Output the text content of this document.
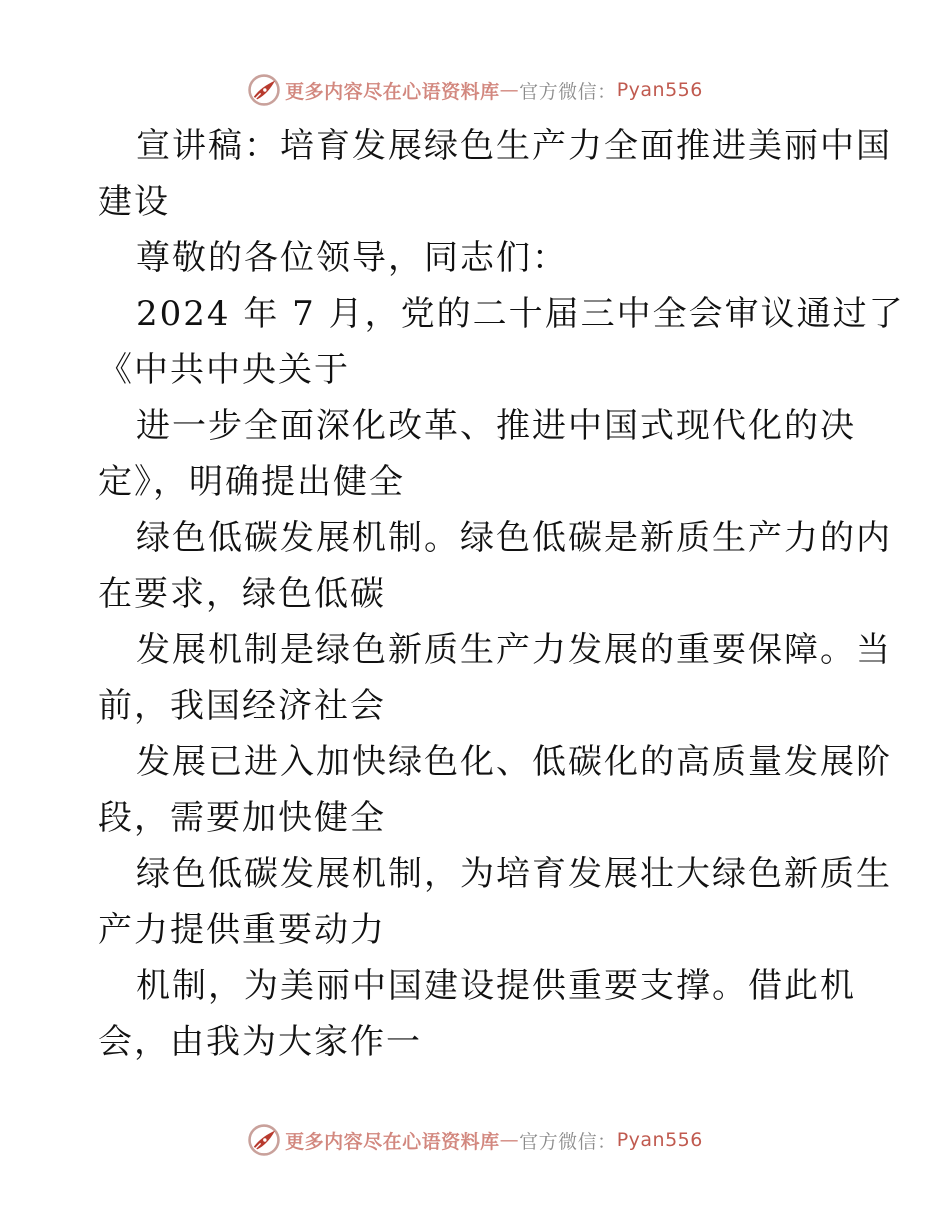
更多内容尽在心语资料库 — 官方微信： Pyan556
宣讲稿：培育发展绿色生产力全面推进美丽中国
建设
尊敬的各位领导，同志们：
2024 年 7 月，党的二十届三中全会审议通过了
《中共中央关于
进一步全面深化改革、推进中国式现代化的决
定》，明确提出健全
绿色低碳发展机制。绿色低碳是新质生产力的内
在要求，绿色低碳
发展机制是绿色新质生产力发展的重要保障。当
前，我国经济社会
发展已进入加快绿色化、低碳化的高质量发展阶
段，需要加快健全
绿色低碳发展机制，为培育发展壮大绿色新质生
产力提供重要动力
机制，为美丽中国建设提供重要支撑。借此机
会，由我为大家作一
更多内容尽在心语资料库 — 官方微信： Pyan556
